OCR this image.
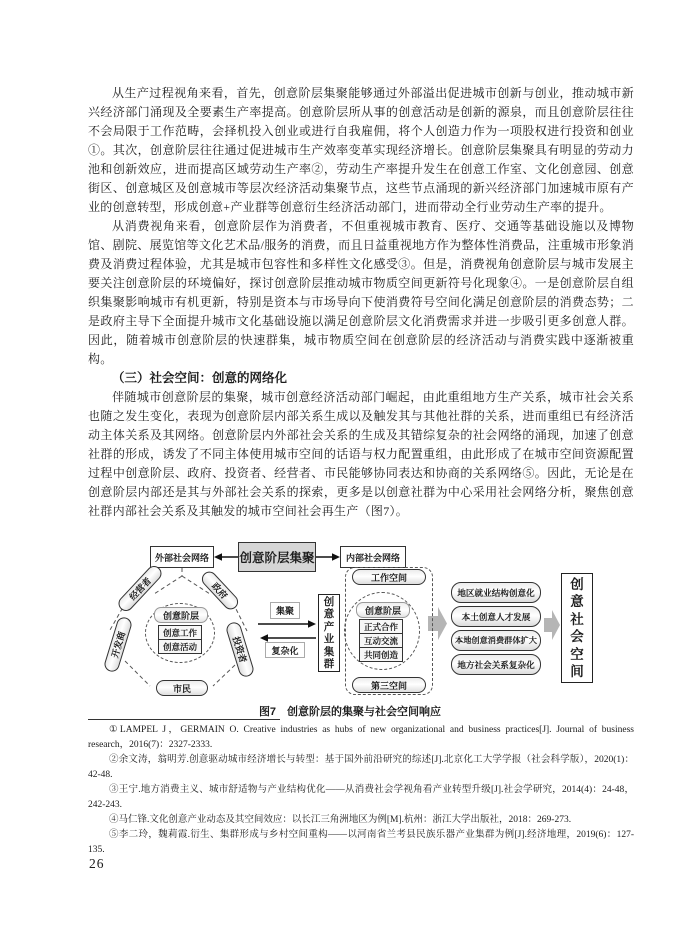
从生产过程视角来看，首先，创意阶层集聚能够通过外部溢出促进城市创新与创业，推动城市新兴经济部门涌现及全要素生产率提高。创意阶层所从事的创意活动是创新的源泉，而且创意阶层往往不会局限于工作范畴，会择机投入创业或进行自我雇佣，将个人创造力作为一项股权进行投资和创业①。其次，创意阶层往往通过促进城市生产效率变革实现经济增长。创意阶层集聚具有明显的劳动力池和创新效应，进而提高区域劳动生产率②，劳动生产率提升发生在创意工作室、文化创意园、创意街区、创意城区及创意城市等层次经济活动集聚节点，这些节点涌现的新兴经济部门加速城市原有产业的创意转型，形成创意+产业群等创意衍生经济活动部门，进而带动全行业劳动生产率的提升。

从消费视角来看，创意阶层作为消费者，不但重视城市教育、医疗、交通等基础设施以及博物馆、剧院、展览馆等文化艺术品/服务的消费，而且日益重视地方作为整体性消费品，注重城市形象消费及消费过程体验，尤其是城市包容性和多样性文化感受③。但是，消费视角创意阶层与城市发展主要关注创意阶层的环境偏好，探讨创意阶层推动城市物质空间更新符号化现象④。一是创意阶层自组织集聚影响城市有机更新，特别是资本与市场导向下使消费符号空间化满足创意阶层的消费态势；二是政府主导下全面提升城市文化基础设施以满足创意阶层文化消费需求并进一步吸引更多创意人群。因此，随着城市创意阶层的快速群集，城市物质空间在创意阶层的经济活动与消费实践中逐渐被重构。

（三）社会空间：创意的网络化

伴随城市创意阶层的集聚，城市创意经济活动部门崛起，由此重组地方生产关系，城市社会关系也随之发生变化，表现为创意阶层内部关系生成以及触发其与其他社群的关系，进而重组已有经济活动主体关系及其网络。创意阶层内外部社会关系的生成及其错综复杂的社会网络的涌现，加速了创意社群的形成，诱发了不同主体使用城市空间的话语与权力配置重组，由此形成了在城市空间资源配置过程中创意阶层、政府、投资者、经营者、市民能够协同表达和协商的关系网络⑤。因此，无论是在创意阶层内部还是其与外部社会关系的探索，更多是以创意社群为中心采用社会网络分析，聚焦创意社群内部社会关系及其触发的城市空间社会再生产（图7）。

外部社会网络	创意阶层集聚	内部社会网络
创意阶层
创意工作
创意活动
经营者	政府
开发商	投资者
市民
集聚
复杂化
创意产业集群
工作空间
第三空间
创意阶层
正式合作
互动交流
共同创造
地区就业结构创意化
本土创意人才发展
本地创意消费群体扩大
地方社会关系复杂化
创意社会空间
图7　创意阶层的集聚与社会空间响应

①LAMPEL J，GERMAIN O. Creative industries as hubs of new organizational and business practices[J]. Journal of business research，2016(7)：2327-2333.

②余文涛，翁明芳.创意驱动城市经济增长与转型：基于国外前沿研究的综述[J].北京化工大学学报（社会科学版），2020(1)：42-48.

③王宁.地方消费主义、城市舒适物与产业结构优化——从消费社会学视角看产业转型升级[J].社会学研究，2014(4)：24-48，242-243.

④马仁锋.文化创意产业动态及其空间效应：以长江三角洲地区为例[M].杭州：浙江大学出版社，2018：269-273.

⑤李二玲，魏莉霞.衍生、集群形成与乡村空间重构——以河南省兰考县民族乐器产业集群为例[J].经济地理，2019(6)：127-135.

26
